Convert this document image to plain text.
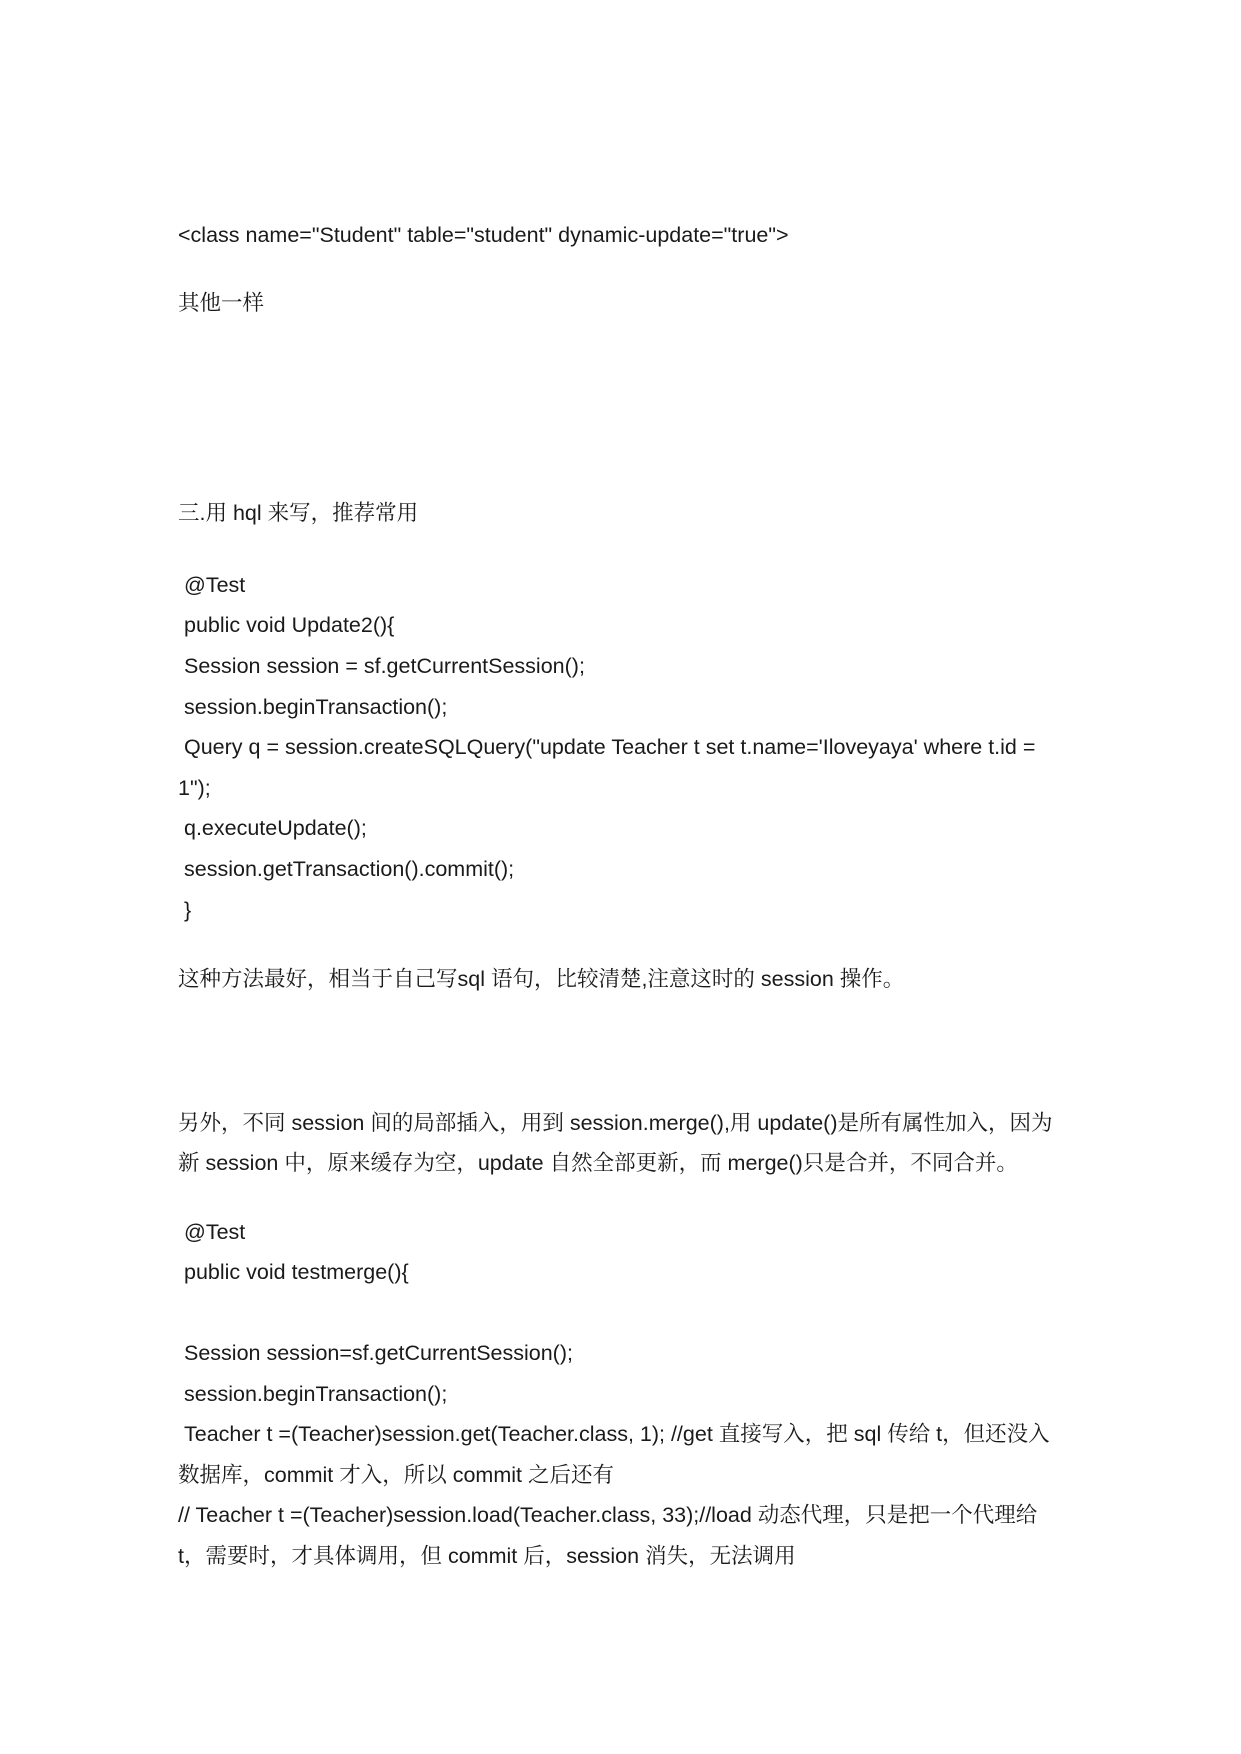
<class name="Student" table="student" dynamic-update="true">
其他一样
三.用 hql 来写，推荐常用
@Test
public void Update2(){
Session session = sf.getCurrentSession();
session.beginTransaction();
Query q = session.createSQLQuery("update Teacher t set t.name='Iloveyaya' where t.id =
1");
q.executeUpdate();
session.getTransaction().commit();
}
这种方法最好，相当于自己写sql 语句，比较清楚,注意这时的 session 操作。
另外，不同 session 间的局部插入，用到 session.merge(),用 update()是所有属性加入，因为
新 session 中，原来缓存为空，update 自然全部更新，而 merge()只是合并，不同合并。
@Test
public void testmerge(){
Session session=sf.getCurrentSession();
session.beginTransaction();
Teacher t =(Teacher)session.get(Teacher.class, 1); //get 直接写入，把 sql 传给 t，但还没入
数据库，commit 才入，所以 commit 之后还有
// Teacher t =(Teacher)session.load(Teacher.class, 33);//load 动态代理，只是把一个代理给
t，需要时，才具体调用，但 commit 后，session 消失，无法调用
